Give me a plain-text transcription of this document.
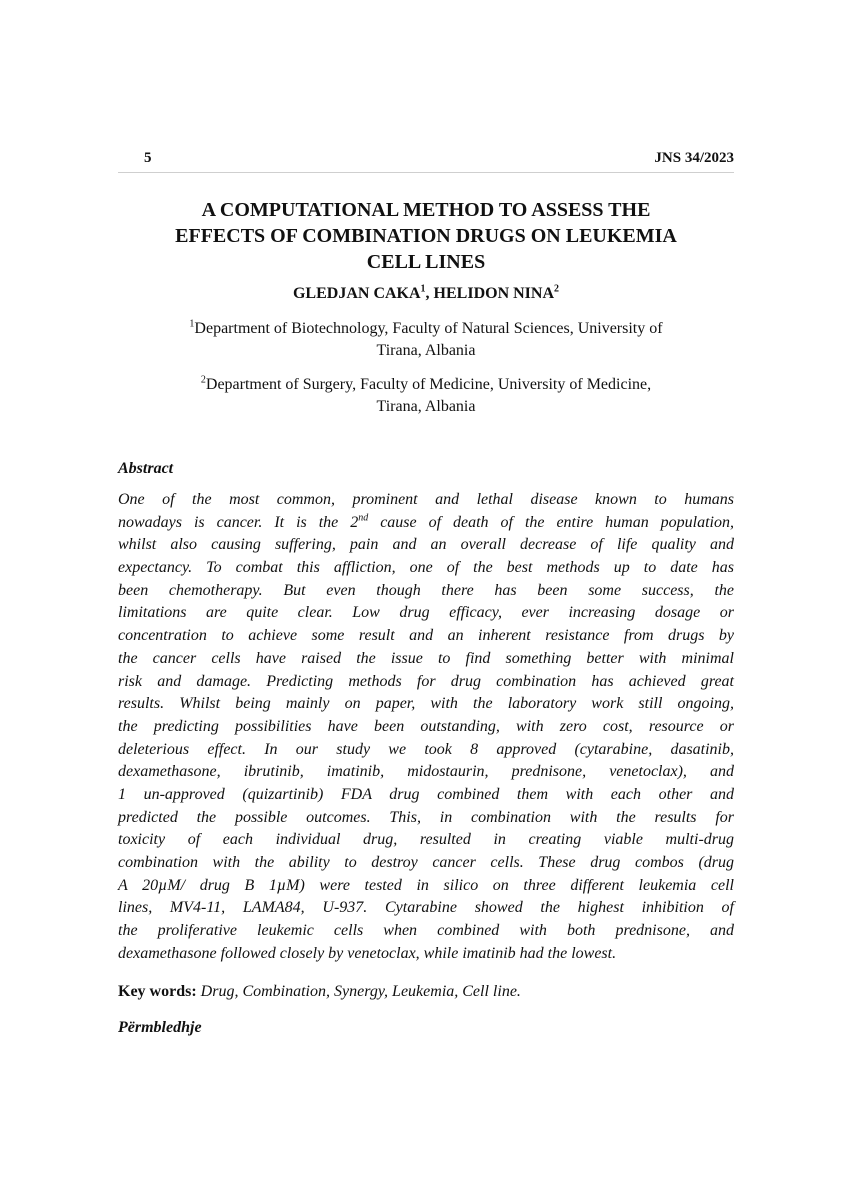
5	JNS 34/2023
A COMPUTATIONAL METHOD TO ASSESS THE
EFFECTS OF COMBINATION DRUGS ON LEUKEMIA
CELL LINES
GLEDJAN CAKA$^1$, HELIDON NINA$^2$
$^1$Department of Biotechnology, Faculty of Natural Sciences, University of
Tirana, Albania
$^2$Department of Surgery, Faculty of Medicine, University of Medicine,
Tirana, Albania
Abstract
One of the most common, prominent and lethal disease known to humans
nowadays is cancer. It is the 2nd cause of death of the entire human population,
whilst also causing suffering, pain and an overall decrease of life quality and
expectancy. To combat this affliction, one of the best methods up to date has
been chemotherapy. But even though there has been some success, the
limitations are quite clear. Low drug efficacy, ever increasing dosage or
concentration to achieve some result and an inherent resistance from drugs by
the cancer cells have raised the issue to find something better with minimal
risk and damage. Predicting methods for drug combination has achieved great
results. Whilst being mainly on paper, with the laboratory work still ongoing,
the predicting possibilities have been outstanding, with zero cost, resource or
deleterious effect. In our study we took 8 approved (cytarabine, dasatinib,
dexamethasone, ibrutinib, imatinib, midostaurin, prednisone, venetoclax), and
1 un-approved (quizartinib) FDA drug combined them with each other and
predicted the possible outcomes. This, in combination with the results for
toxicity of each individual drug, resulted in creating viable multi-drug
combination with the ability to destroy cancer cells. These drug combos (drug
A 20µM/ drug B 1µM) were tested in silico on three different leukemia cell
lines, MV4-11, LAMA84, U-937. Cytarabine showed the highest inhibition of
the proliferative leukemic cells when combined with both prednisone, and
dexamethasone followed closely by venetoclax, while imatinib had the lowest.
Key words: Drug, Combination, Synergy, Leukemia, Cell line.
Përmbledhje
